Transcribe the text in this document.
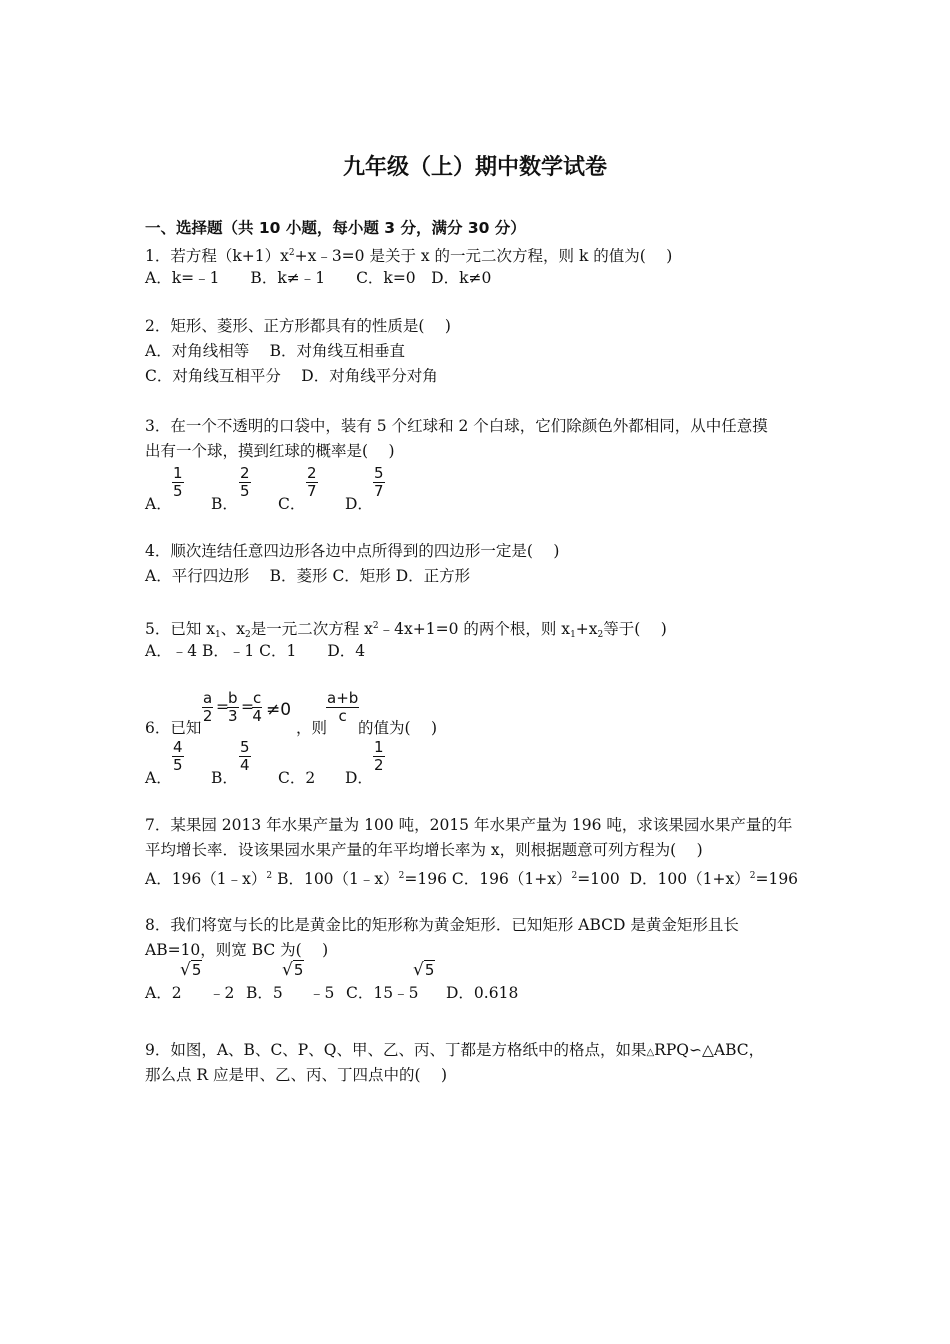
九年级（上）期中数学试卷
一、选择题（共 10 小题，每小题 3 分，满分 30 分）
1．若方程$(k+1)x^2+x﹣3=0$ 是关于 x 的一元二次方程，则 k 的值为(　 )
A．k=﹣1　　B．k≠﹣1　　C．k=0　D．k≠0
2．矩形、菱形、正方形都具有的性质是(　 )
A．对角线相等　 B．对角线互相垂直
C．对角线互相平分　 D．对角线平分对角
3．在一个不透明的口袋中，装有 5 个红球和 2 个白球，它们除颜色外都相同，从中任意摸
出有一个球，摸到红球的概率是(　 )
A．
$\frac{1}{5}$
B．
$\frac{2}{5}$
C．
$\frac{2}{7}$
D．
$\frac{5}{7}$
4．顺次连结任意四边形各边中点所得到的四边形一定是(　 )
A．平行四边形　 B．菱形 C．矩形 D．正方形
5．已知 $x_1$、$x_2$是一元二次方程 $x^2﹣4x+1=0$ 的两个根，则 $x_1+x_2$等于(　 )
A．﹣4 B．﹣1 C．1　　D．4
6．已知
$\frac{a}{2}$ =
$\frac{b}{3}$ =
$\frac{c}{4} \ne 0$
，则
$\frac{a+b}{c}$
的值为(　 )
A．
$\frac{4}{5}$
B．
$\frac{5}{4}$
C．2 D．
$\frac{1}{2}$
7．某果园 2013 年水果产量为 100 吨，2015 年水果产量为 196 吨，求该果园水果产量的年
平均增长率．设该果园水果产量的年平均增长率为 x，则根据题意可列方程为(　 )
A．196（1﹣x）$^2$ B．100（1﹣x）$^2$=196 C．$196(1+x)^2=100$ D．$100(1+x)^2=196$
8．我们将宽与长的比是黄金比的矩形称为黄金矩形．已知矩形 ABCD 是黄金矩形且长
AB=10，则宽 BC 为(　 )
A．2
√5
﹣2 B．5
√5
﹣5 C．15﹣5
√5
D．0.618
9．如图，A、B、C、P、Q、甲、乙、丙、丁都是方格纸中的格点，如果△RPQ∽△ABC，
那么点 R 应是甲、乙、丙、丁四点中的(　 )
